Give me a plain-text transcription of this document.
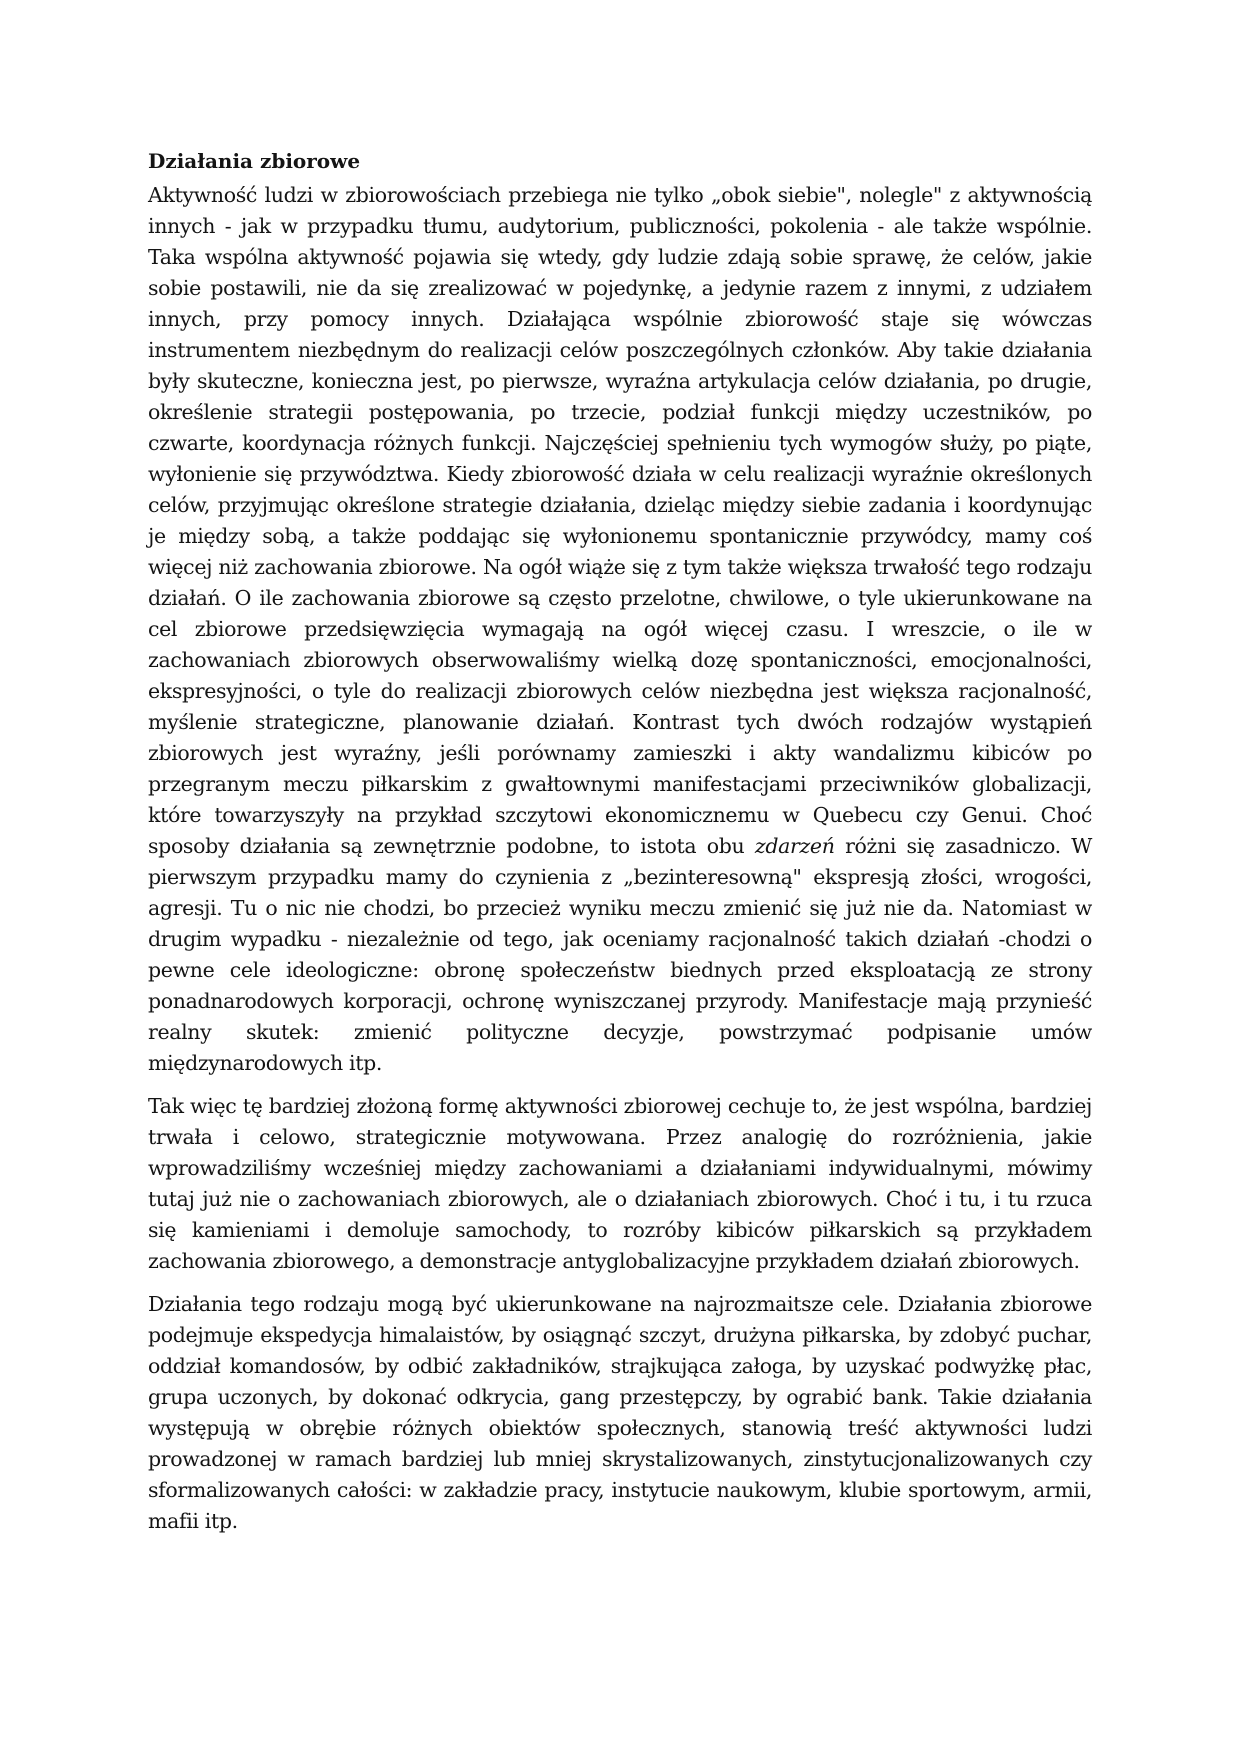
Działania zbiorowe

Aktywność ludzi w zbiorowościach przebiega nie tylko „obok siebie", nolegle" z aktywnością innych - jak w przypadku tłumu, audytorium, publiczności, pokolenia - ale także wspólnie. Taka wspólna aktywność pojawia się wtedy, gdy ludzie zdają sobie sprawę, że celów, jakie sobie postawili, nie da się zrealizować w pojedynkę, a jedynie razem z innymi, z udziałem innych, przy pomocy innych. Działająca wspólnie zbiorowość staje się wówczas instrumentem niezbędnym do realizacji celów poszczególnych członków. Aby takie działania były skuteczne, konieczna jest, po pierwsze, wyraźna artykulacja celów działania, po drugie, określenie strategii postępowania, po trzecie, podział funkcji między uczestników, po czwarte, koordynacja różnych funkcji. Najczęściej spełnieniu tych wymogów służy, po piąte, wyłonienie się przywództwa. Kiedy zbiorowość działa w celu realizacji wyraźnie określonych celów, przyjmując określone strategie działania, dzieląc między siebie zadania i koordynując je między sobą, a także poddając się wyłonionemu spontanicznie przywódcy, mamy coś więcej niż zachowania zbiorowe. Na ogół wiąże się z tym także większa trwałość tego rodzaju działań. O ile zachowania zbiorowe są często przelotne, chwilowe, o tyle ukierunkowane na cel zbiorowe przedsięwzięcia wymagają na ogół więcej czasu. I wreszcie, o ile w zachowaniach zbiorowych obserwowaliśmy wielką dozę spontaniczności, emocjonalności, ekspresyjności, o tyle do realizacji zbiorowych celów niezbędna jest większa racjonalność, myślenie strategiczne, planowanie działań. Kontrast tych dwóch rodzajów wystąpień zbiorowych jest wyraźny, jeśli porównamy zamieszki i akty wandalizmu kibiców po przegranym meczu piłkarskim z gwałtownymi manifestacjami przeciwników globalizacji, które towarzyszyły na przykład szczytowi ekonomicznemu w Quebecu czy Genui. Choć sposoby działania są zewnętrznie podobne, to istota obu zdarzeń różni się zasadniczo. W pierwszym przypadku mamy do czynienia z „bezinteresowną" ekspresją złości, wrogości, agresji. Tu o nic nie chodzi, bo przecież wyniku meczu zmienić się już nie da. Natomiast w drugim wypadku - niezależnie od tego, jak oceniamy racjonalność takich działań -chodzi o pewne cele ideologiczne: obronę społeczeństw biednych przed eksploatacją ze strony ponadnarodowych korporacji, ochronę wyniszczanej przyrody. Manifestacje mają przynieść realny skutek: zmienić polityczne decyzje, powstrzymać podpisanie umów międzynarodowych itp.

Tak więc tę bardziej złożoną formę aktywności zbiorowej cechuje to, że jest wspólna, bardziej trwała i celowo, strategicznie motywowana. Przez analogię do rozróżnienia, jakie wprowadziliśmy wcześniej między zachowaniami a działaniami indywidualnymi, mówimy tutaj już nie o zachowaniach zbiorowych, ale o działaniach zbiorowych. Choć i tu, i tu rzuca się kamieniami i demoluje samochody, to rozróby kibiców piłkarskich są przykładem zachowania zbiorowego, a demonstracje antyglobalizacyjne przykładem działań zbiorowych.

Działania tego rodzaju mogą być ukierunkowane na najrozmaitsze cele. Działania zbiorowe podejmuje ekspedycja himalaistów, by osiągnąć szczyt, drużyna piłkarska, by zdobyć puchar, oddział komandosów, by odbić zakładników, strajkująca załoga, by uzyskać podwyżkę płac, grupa uczonych, by dokonać odkrycia, gang przestępczy, by ograbić bank. Takie działania występują w obrębie różnych obiektów społecznych, stanowią treść aktywności ludzi prowadzonej w ramach bardziej lub mniej skrystalizowanych, zinstytucjonalizowanych czy sformalizowanych całości: w zakładzie pracy, instytucie naukowym, klubie sportowym, armii, mafii itp.
